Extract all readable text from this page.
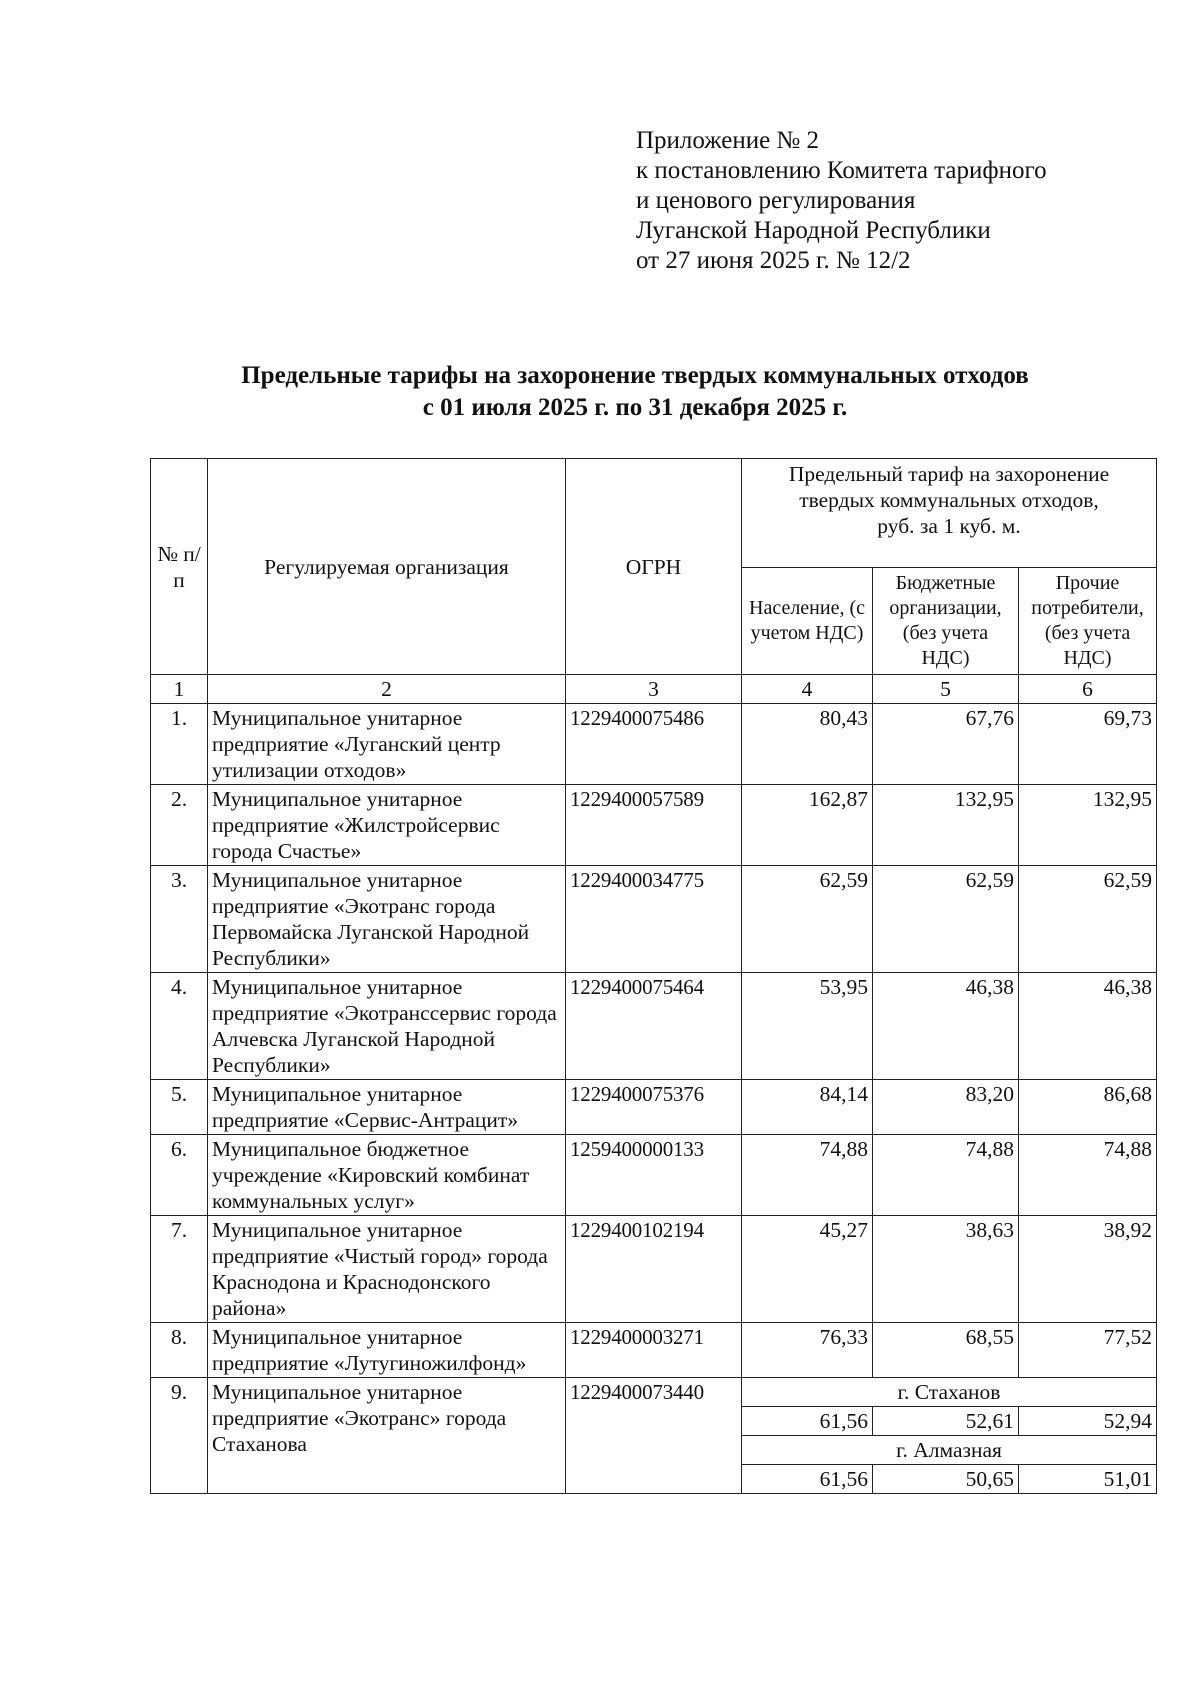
Приложение № 2
к постановлению Комитета тарифного
и ценового регулирования
Луганской Народной Республики
от 27 июня 2025 г. № 12/2
Предельные тарифы на захоронение твердых коммунальных отходов
с 01 июля 2025 г. по 31 декабря 2025 г.
№ п/п	Регулируемая организация	ОГРН	Предельный тариф на захоронение твердых коммунальных отходов, руб. за 1 куб. м.		
			Население, (с учетом НДС)	Бюджетные организации, (без учета НДС)	Прочие потребители, (без учета НДС)
1	2	3	4	5	6
1.	Муниципальное унитарное предприятие «Луганский центр утилизации отходов»	1229400075486	80,43	67,76	69,73
2.	Муниципальное унитарное предприятие «Жилстройсервис города Счастье»	1229400057589	162,87	132,95	132,95
3.	Муниципальное унитарное предприятие «Экотранс города Первомайска Луганской Народной Республики»	1229400034775	62,59	62,59	62,59
4.	Муниципальное унитарное предприятие «Экотранссервис города Алчевска Луганской Народной Республики»	1229400075464	53,95	46,38	46,38
5.	Муниципальное унитарное предприятие «Сервис-Антрацит»	1229400075376	84,14	83,20	86,68
6.	Муниципальное бюджетное учреждение «Кировский комбинат коммунальных услуг»	1259400000133	74,88	74,88	74,88
7.	Муниципальное унитарное предприятие «Чистый город» города Краснодона и Краснодонского района»	1229400102194	45,27	38,63	38,92
8.	Муниципальное унитарное предприятие «Лутугиножилфонд»	1229400003271	76,33	68,55	77,52
9.	Муниципальное унитарное предприятие «Экотранс» города Стаханова	1229400073440	г. Стаханов		
			61,56	52,61	52,94
			г. Алмазная		
			61,56	50,65	51,01
